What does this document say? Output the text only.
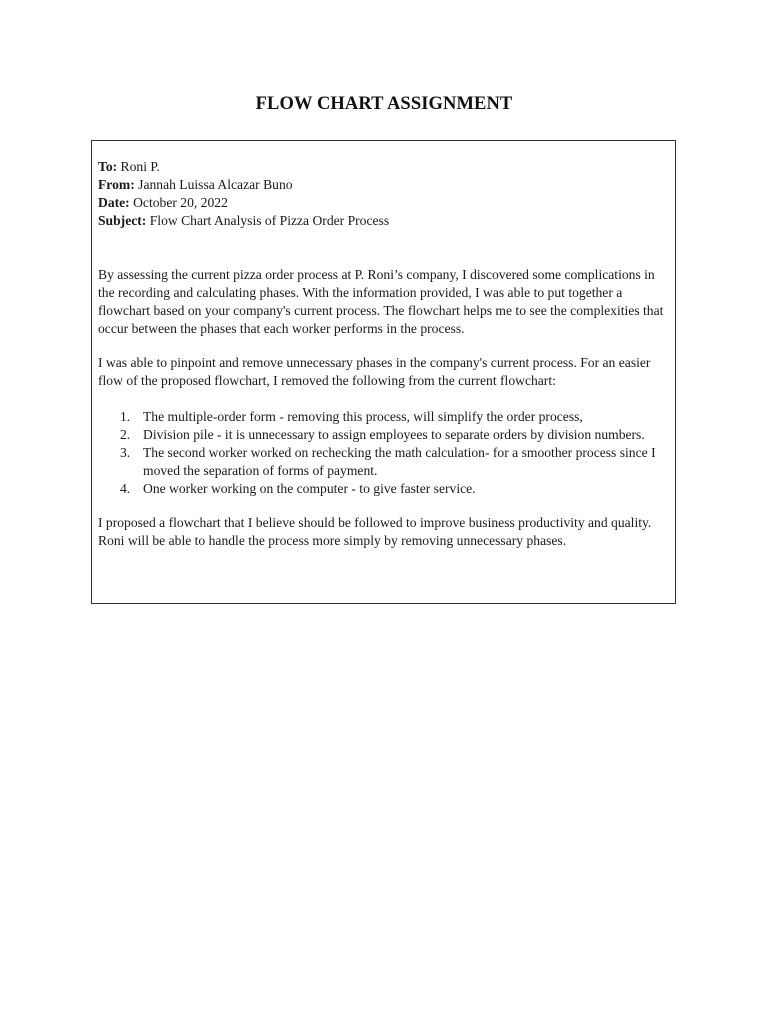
FLOW CHART ASSIGNMENT

To: Roni P.

From: Jannah Luissa Alcazar Buno

Date: October 20, 2022

Subject: Flow Chart Analysis of Pizza Order Process

By assessing the current pizza order process at P. Roni’s company, I discovered some complications in the recording and calculating phases. With the information provided, I was able to put together a flowchart based on your company's current process. The flowchart helps me to see the complexities that occur between the phases that each worker performs in the process.

I was able to pinpoint and remove unnecessary phases in the company's current process. For an easier flow of the proposed flowchart, I removed the following from the current flowchart:

1. The multiple-order form - removing this process, will simplify the order process,
2. Division pile - it is unnecessary to assign employees to separate orders by division numbers.
3. The second worker worked on rechecking the math calculation- for a smoother process since I moved the separation of forms of payment.
4. One worker working on the computer - to give faster service.

I proposed a flowchart that I believe should be followed to improve business productivity and quality. Roni will be able to handle the process more simply by removing unnecessary phases.
